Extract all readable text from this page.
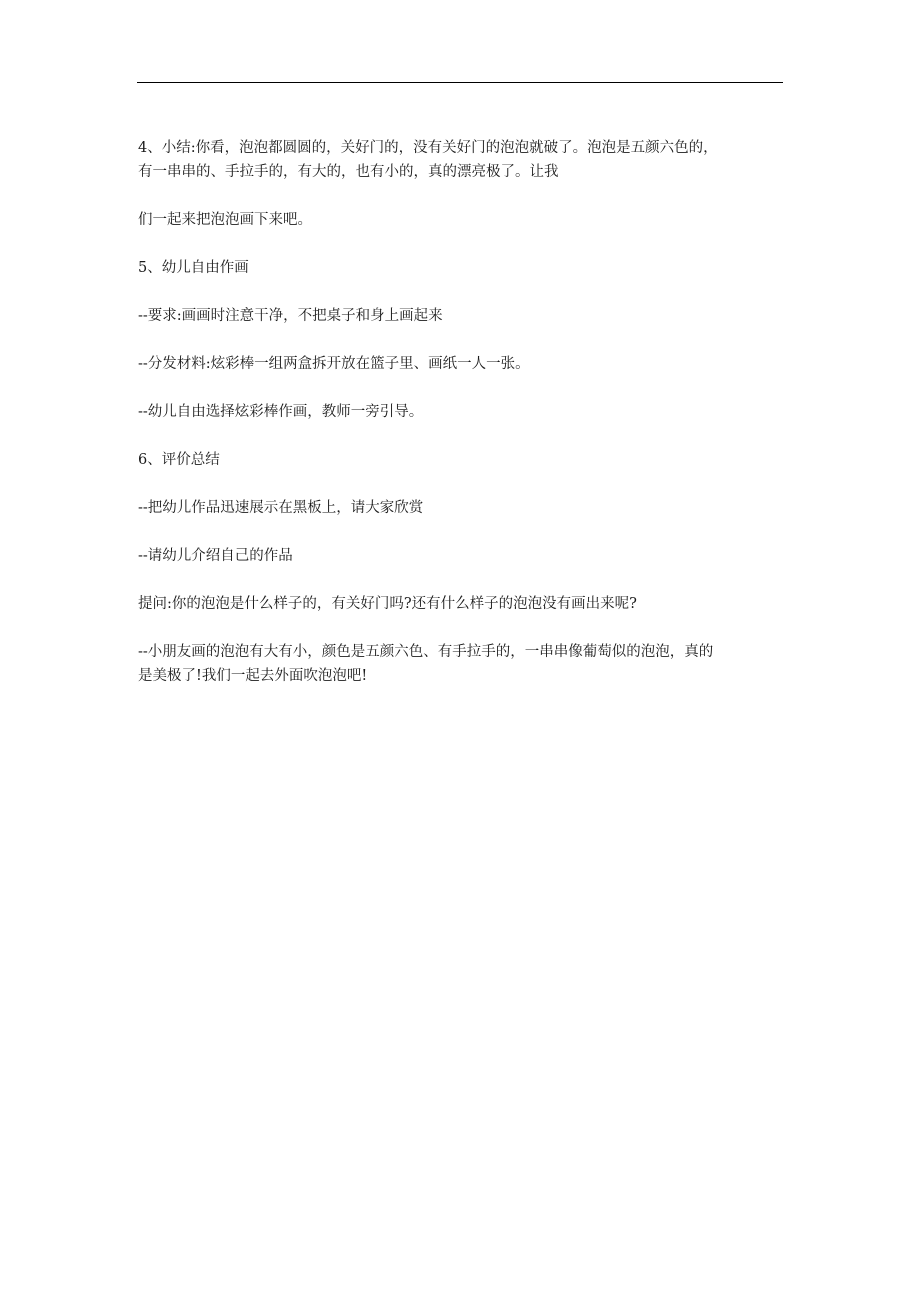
4、小结:你看，泡泡都圆圆的，关好门的，没有关好门的泡泡就破了。泡泡是五颜六色的，
有一串串的、手拉手的，有大的，也有小的，真的漂亮极了。让我

们一起来把泡泡画下来吧。

5、幼儿自由作画

--要求:画画时注意干净，不把桌子和身上画起来

--分发材料:炫彩棒一组两盒拆开放在篮子里、画纸一人一张。

--幼儿自由选择炫彩棒作画，教师一旁引导。

6、评价总结

--把幼儿作品迅速展示在黑板上，请大家欣赏

--请幼儿介绍自己的作品

提问:你的泡泡是什么样子的，有关好门吗?还有什么样子的泡泡没有画出来呢?

--小朋友画的泡泡有大有小，颜色是五颜六色、有手拉手的，一串串像葡萄似的泡泡，真的
是美极了!我们一起去外面吹泡泡吧!
